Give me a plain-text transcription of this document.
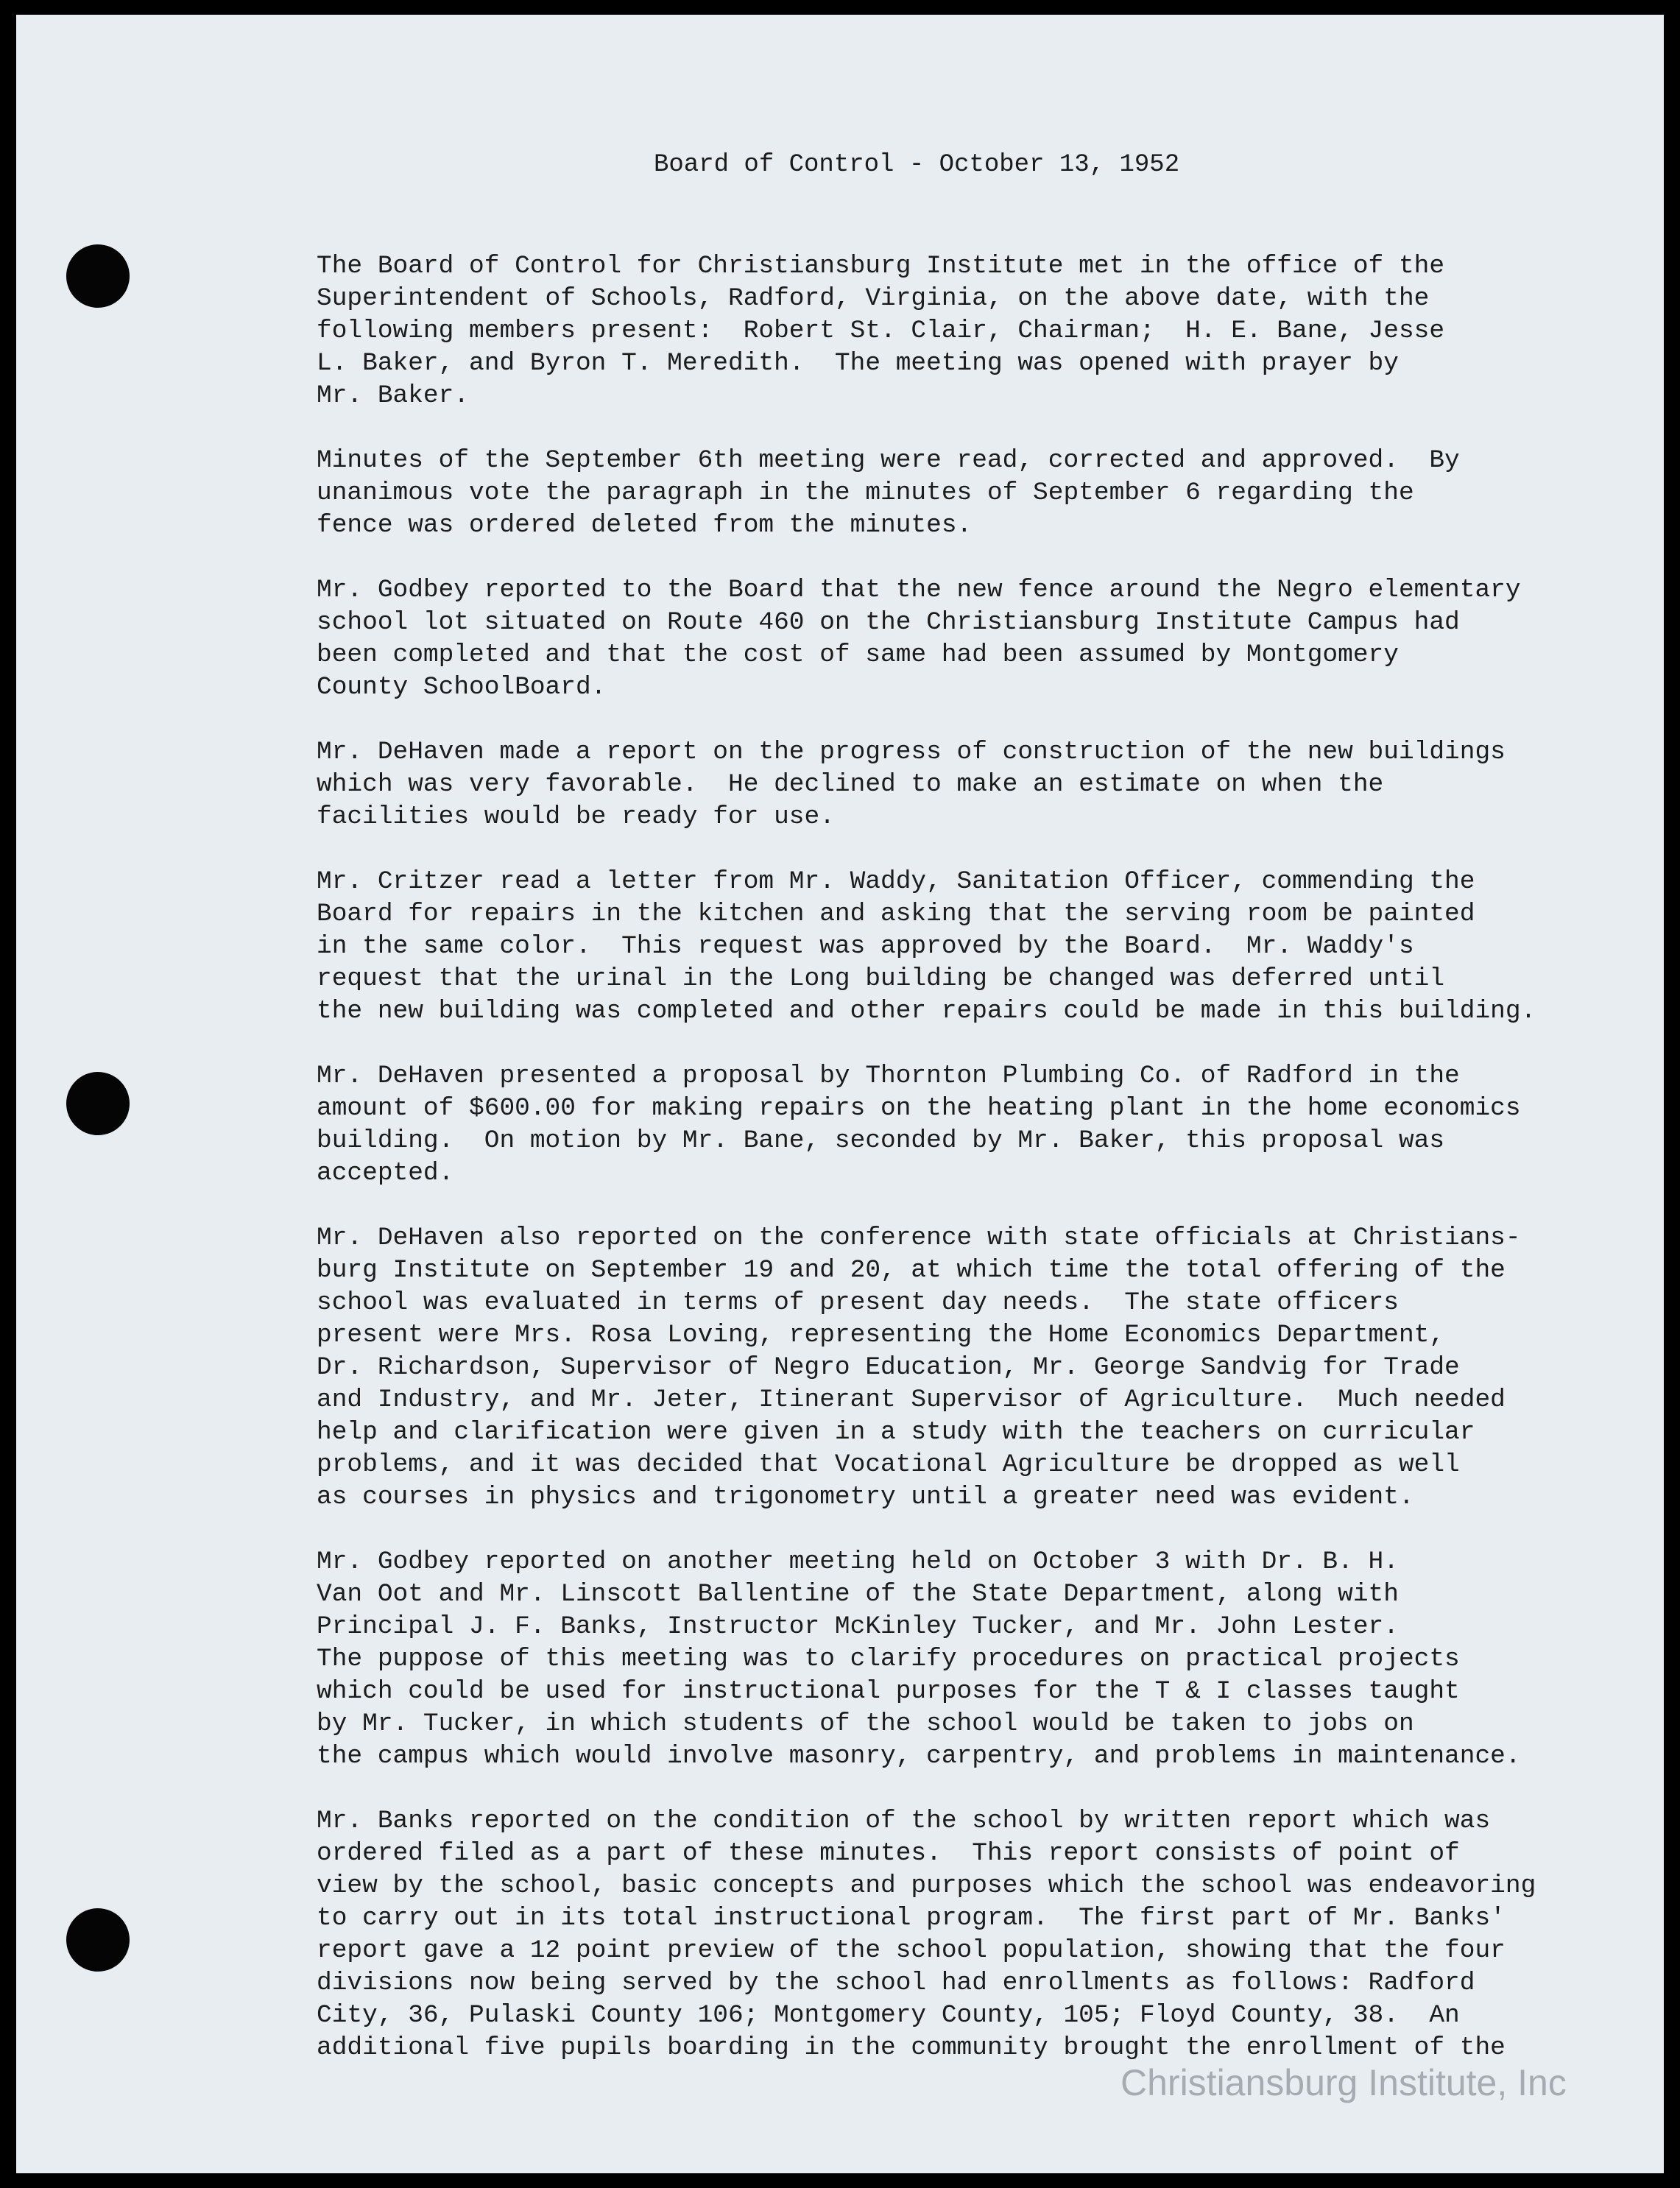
Board of Control - October 13, 1952

The Board of Control for Christiansburg Institute met in the office of the
Superintendent of Schools, Radford, Virginia, on the above date, with the
following members present:  Robert St. Clair, Chairman;  H. E. Bane, Jesse
L. Baker, and Byron T. Meredith.  The meeting was opened with prayer by
Mr. Baker.

Minutes of the September 6th meeting were read, corrected and approved.  By
unanimous vote the paragraph in the minutes of September 6 regarding the
fence was ordered deleted from the minutes.

Mr. Godbey reported to the Board that the new fence around the Negro elementary
school lot situated on Route 460 on the Christiansburg Institute Campus had
been completed and that the cost of same had been assumed by Montgomery
County SchoolBoard.

Mr. DeHaven made a report on the progress of construction of the new buildings
which was very favorable.  He declined to make an estimate on when the
facilities would be ready for use.

Mr. Critzer read a letter from Mr. Waddy, Sanitation Officer, commending the
Board for repairs in the kitchen and asking that the serving room be painted
in the same color.  This request was approved by the Board.  Mr. Waddy's
request that the urinal in the Long building be changed was deferred until
the new building was completed and other repairs could be made in this building.

Mr. DeHaven presented a proposal by Thornton Plumbing Co. of Radford in the
amount of $600.00 for making repairs on the heating plant in the home economics
building.  On motion by Mr. Bane, seconded by Mr. Baker, this proposal was
accepted.

Mr. DeHaven also reported on the conference with state officials at Christians-
burg Institute on September 19 and 20, at which time the total offering of the
school was evaluated in terms of present day needs.  The state officers
present were Mrs. Rosa Loving, representing the Home Economics Department,
Dr. Richardson, Supervisor of Negro Education, Mr. George Sandvig for Trade
and Industry, and Mr. Jeter, Itinerant Supervisor of Agriculture.  Much needed
help and clarification were given in a study with the teachers on curricular
problems, and it was decided that Vocational Agriculture be dropped as well
as courses in physics and trigonometry until a greater need was evident.

Mr. Godbey reported on another meeting held on October 3 with Dr. B. H.
Van Oot and Mr. Linscott Ballentine of the State Department, along with
Principal J. F. Banks, Instructor McKinley Tucker, and Mr. John Lester.
The puppose of this meeting was to clarify procedures on practical projects
which could be used for instructional purposes for the T & I classes taught
by Mr. Tucker, in which students of the school would be taken to jobs on
the campus which would involve masonry, carpentry, and problems in maintenance.

Mr. Banks reported on the condition of the school by written report which was
ordered filed as a part of these minutes.  This report consists of point of
view by the school, basic concepts and purposes which the school was endeavoring
to carry out in its total instructional program.  The first part of Mr. Banks'
report gave a 12 point preview of the school population, showing that the four
divisions now being served by the school had enrollments as follows: Radford
City, 36, Pulaski County 106; Montgomery County, 105; Floyd County, 38.  An
additional five pupils boarding in the community brought the enrollment of the

Christiansburg Institute, Inc
